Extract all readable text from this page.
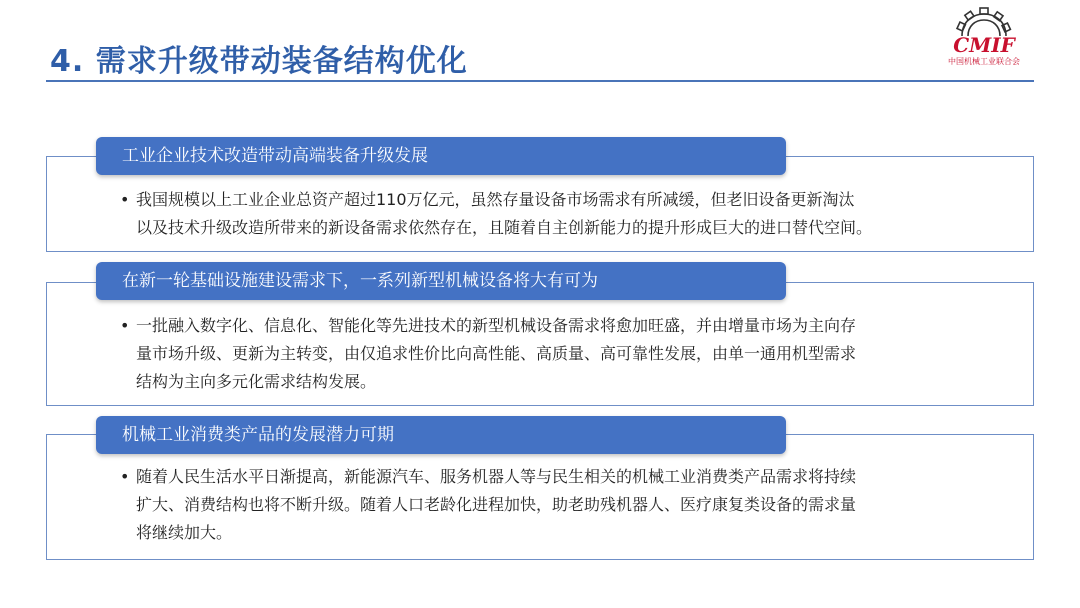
4. 需求升级带动装备结构优化	CMIF
中国机械工业联合会
工业企业技术改造带动高端装备升级发展
• 我国规模以上工业企业总资产超过110万亿元，虽然存量设备市场需求有所减缓，但老旧设备更新淘汰
以及技术升级改造所带来的新设备需求依然存在，且随着自主创新能力的提升形成巨大的进口替代空间。
在新一轮基础设施建设需求下，一系列新型机械设备将大有可为
• 一批融入数字化、信息化、智能化等先进技术的新型机械设备需求将愈加旺盛，并由增量市场为主向存
量市场升级、更新为主转变，由仅追求性价比向高性能、高质量、高可靠性发展，由单一通用机型需求
结构为主向多元化需求结构发展。
机械工业消费类产品的发展潜力可期
• 随着人民生活水平日渐提高，新能源汽车、服务机器人等与民生相关的机械工业消费类产品需求将持续
扩大、消费结构也将不断升级。随着人口老龄化进程加快，助老助残机器人、医疗康复类设备的需求量
将继续加大。
